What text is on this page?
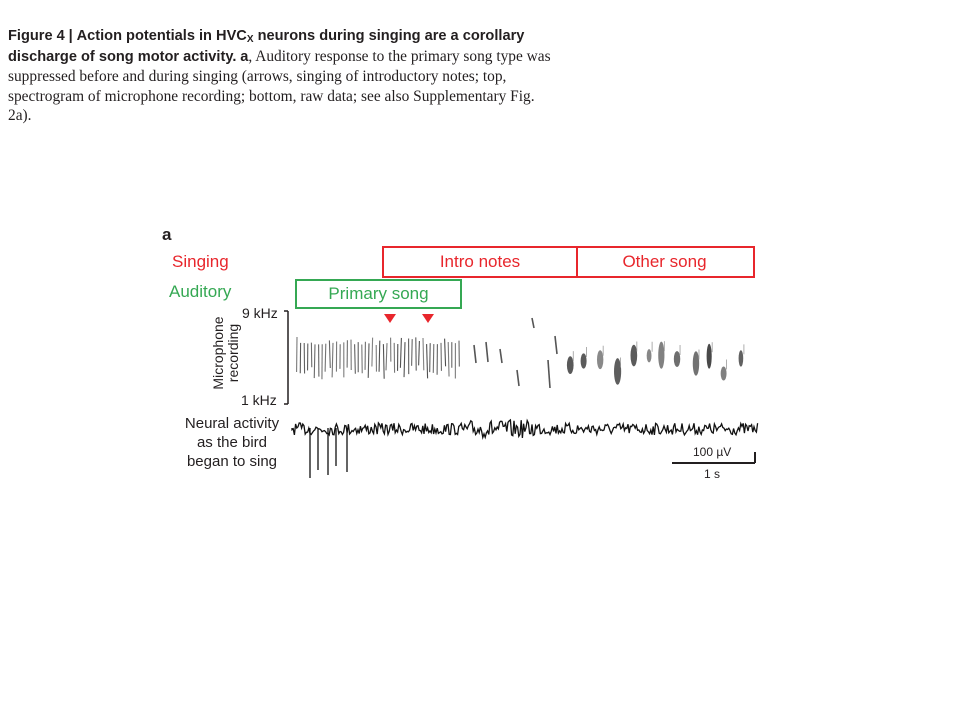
Figure 4 | Action potentials in $HVC_X$ neurons during singing are a corollary discharge of song motor activity. a, Auditory response to the primary song type was suppressed before and during singing (arrows, singing of introductory notes; top, spectrogram of microphone recording; bottom, raw data; see also Supplementary Fig. 2a).
a
Singing
Auditory
Intro notes	Other song
Primary song
Microphone recording
9 kHz
1 kHz
Neural activity as the bird began to sing
100 µV
1 s
